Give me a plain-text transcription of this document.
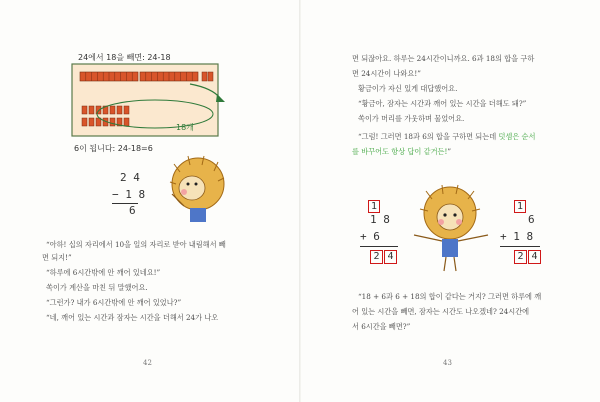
24에서 18을 빼면: 24-18
18개
6이 됩니다: 24-18=6
2 4
− 1 8
6
“아하! 십의 자리에서 10을 일의 자리로 받아 내림해서 빼
면 되지!”
“하루에 6시간밖에 안 깨어 있네요!”
쏙이가 계산을 마친 뒤 말했어요.
“그런가? 내가 6시간밖에 안 깨어 있었나?”
“네, 깨어 있는 시간과 잠자는 시간을 더해서 24가 나오
42
면 되잖아요. 하루는 24시간이니까요. 6과 18의 합을 구하
면 24시간이 나와요!”
황금이가 자신 있게 대답했어요.
“황금아, 잠자는 시간과 깨어 있는 시간을 더해도 돼?”
쏙이가 머리를 가웃하며 물었어요.
“그럼! 그러면 18과 6의 합을 구하면 되는데 덧셈은 순서
를 바꾸어도 항상 답이 같거든!”
1
1 8
+ 6
2 4
1
6
+ 1 8
2 4
“18 + 6과 6 + 18의 합이 같다는 거지? 그러면 하루에 깨
어 있는 시간을 빼면, 잠자는 시간도 나오겠네? 24시간에
서 6시간을 빼면?”
43
